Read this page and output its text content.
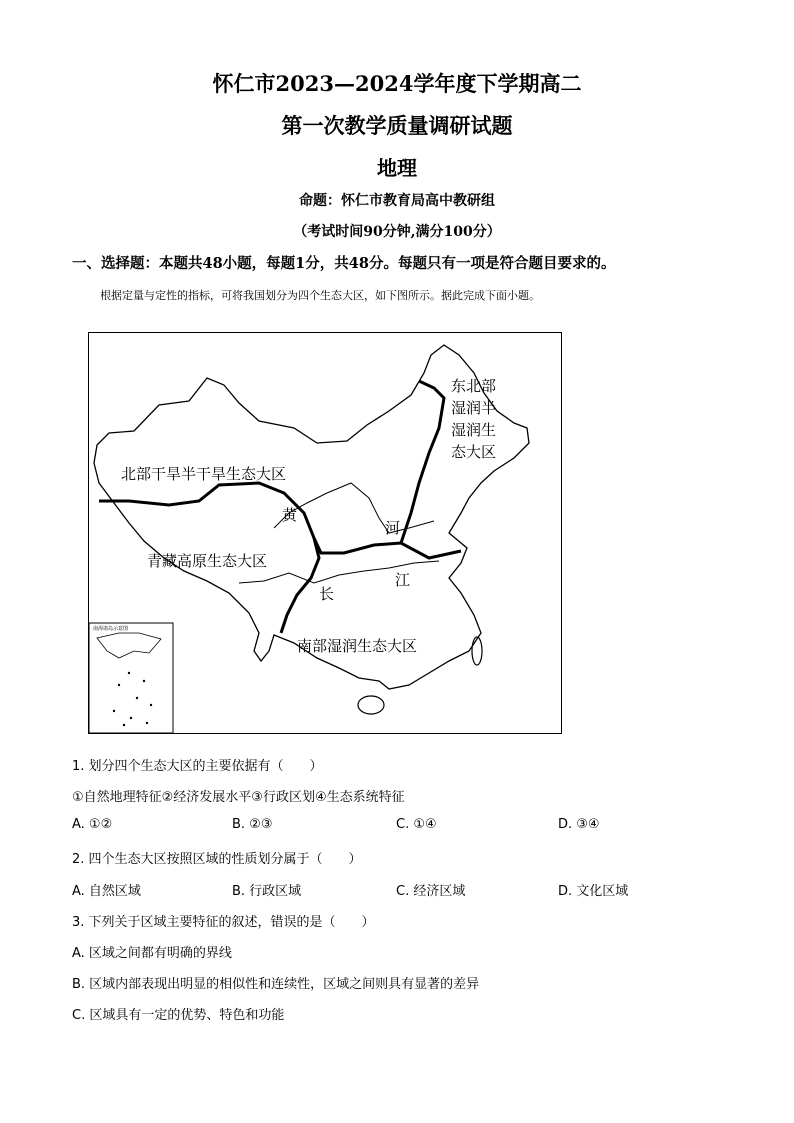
怀仁市2023—2024学年度下学期高二
第一次教学质量调研试题
地理
命题：怀仁市教育局高中教研组
（考试时间90分钟,满分100分）
一、选择题：本题共48小题，每题1分，共48分。每题只有一项是符合题目要求的。
根据定量与定性的指标，可将我国划分为四个生态大区，如下图所示。据此完成下面小题。
南海诸岛示意图
北部干旱半干旱生态大区
东北部
湿润半
湿润生
态大区
青藏高原生态大区
南部湿润生态大区
黄
河
长
江
1. 划分四个生态大区的主要依据有（　　）
①自然地理特征②经济发展水平③行政区划④生态系统特征
A. ①②	B. ②③	C. ①④	D. ③④
2. 四个生态大区按照区域的性质划分属于（　　）
A. 自然区域	B. 行政区域	C. 经济区域	D. 文化区域
3. 下列关于区域主要特征的叙述，错误的是（　　）
A. 区域之间都有明确的界线
B. 区域内部表现出明显的相似性和连续性，区域之间则具有显著的差异
C. 区域具有一定的优势、特色和功能
